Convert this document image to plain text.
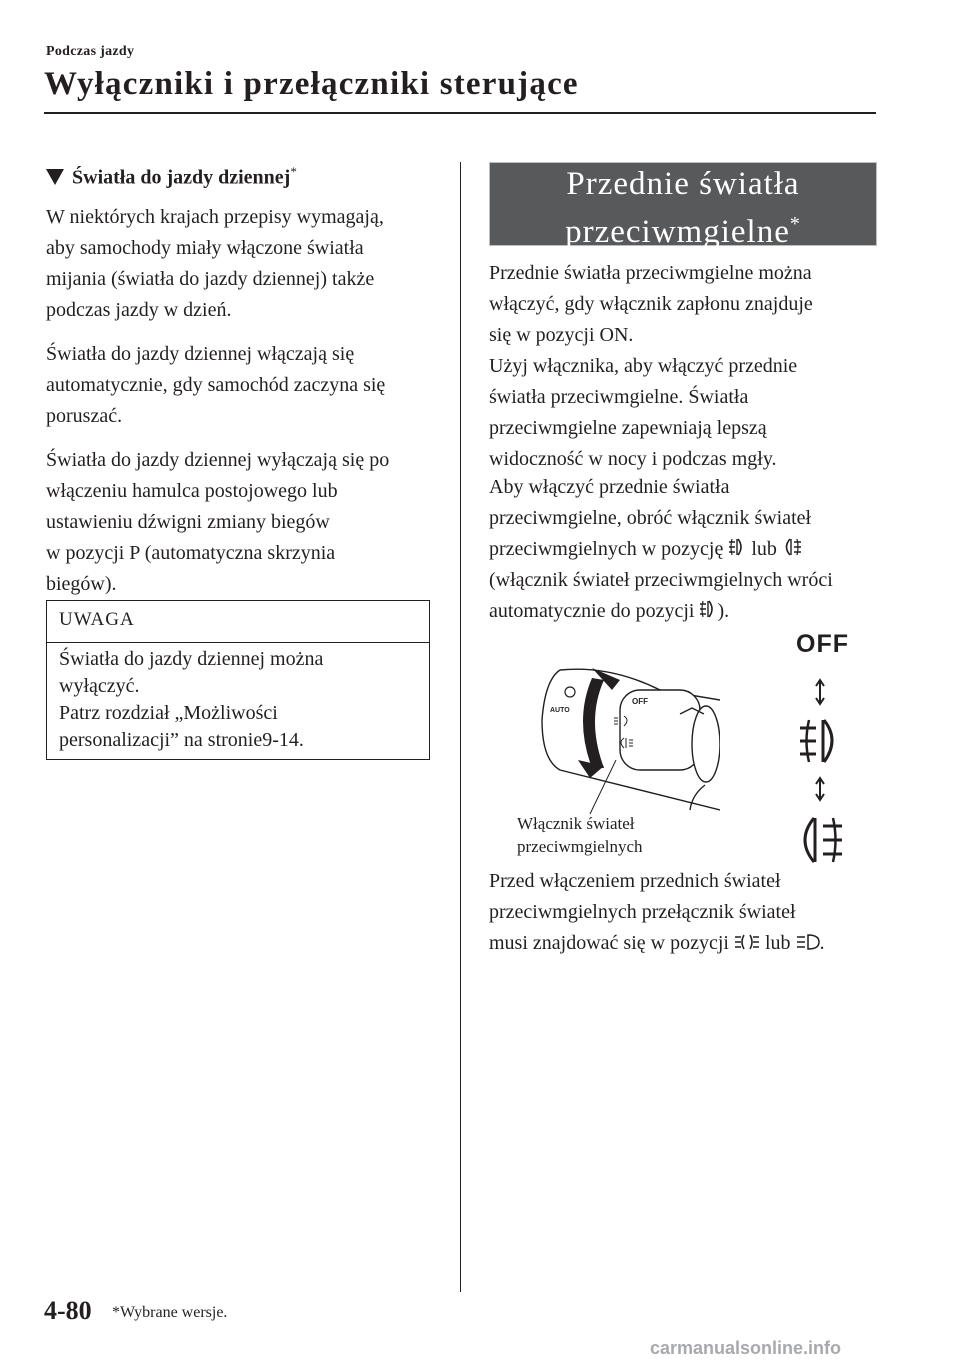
Podczas jazdy
Wyłączniki i przełączniki sterujące
Światła do jazdy dziennej*

W niektórych krajach przepisy wymagają,

aby samochody miały włączone światła

mijania (światła do jazdy dziennej) także

podczas jazdy w dzień.

Światła do jazdy dziennej włączają się

automatycznie, gdy samochód zaczyna się

poruszać.

Światła do jazdy dziennej wyłączają się po

włączeniu hamulca postojowego lub

ustawieniu dźwigni zmiany biegów

w pozycji P (automatyczna skrzynia

biegów).

UWAGA
Światła do jazdy dziennej można
wyłączyć.
Patrz rozdział „Możliwości
personalizacji” na stronie9-14.
Przednie światła
przeciwmgielne*

Przednie światła przeciwmgielne można

włączyć, gdy włącznik zapłonu znajduje

się w pozycji ON.

Użyj włącznika, aby włączyć przednie

światła przeciwmgielne. Światła

przeciwmgielne zapewniają lepszą

widoczność w nocy i podczas mgły.

Aby włączyć przednie światła

przeciwmgielne, obróć włącznik świateł

przeciwmgielnych w pozycję lub

(włącznik świateł przeciwmgielnych wróci

automatycznie do pozycji ).

OFF
AUTO
OFF
Włącznik świateł
przeciwmgielnych

Przed włączeniem przednich świateł

przeciwmgielnych przełącznik świateł

musi znajdować się w pozycji lub .

4-80 *Wybrane wersje.
carmanualsonline.info
